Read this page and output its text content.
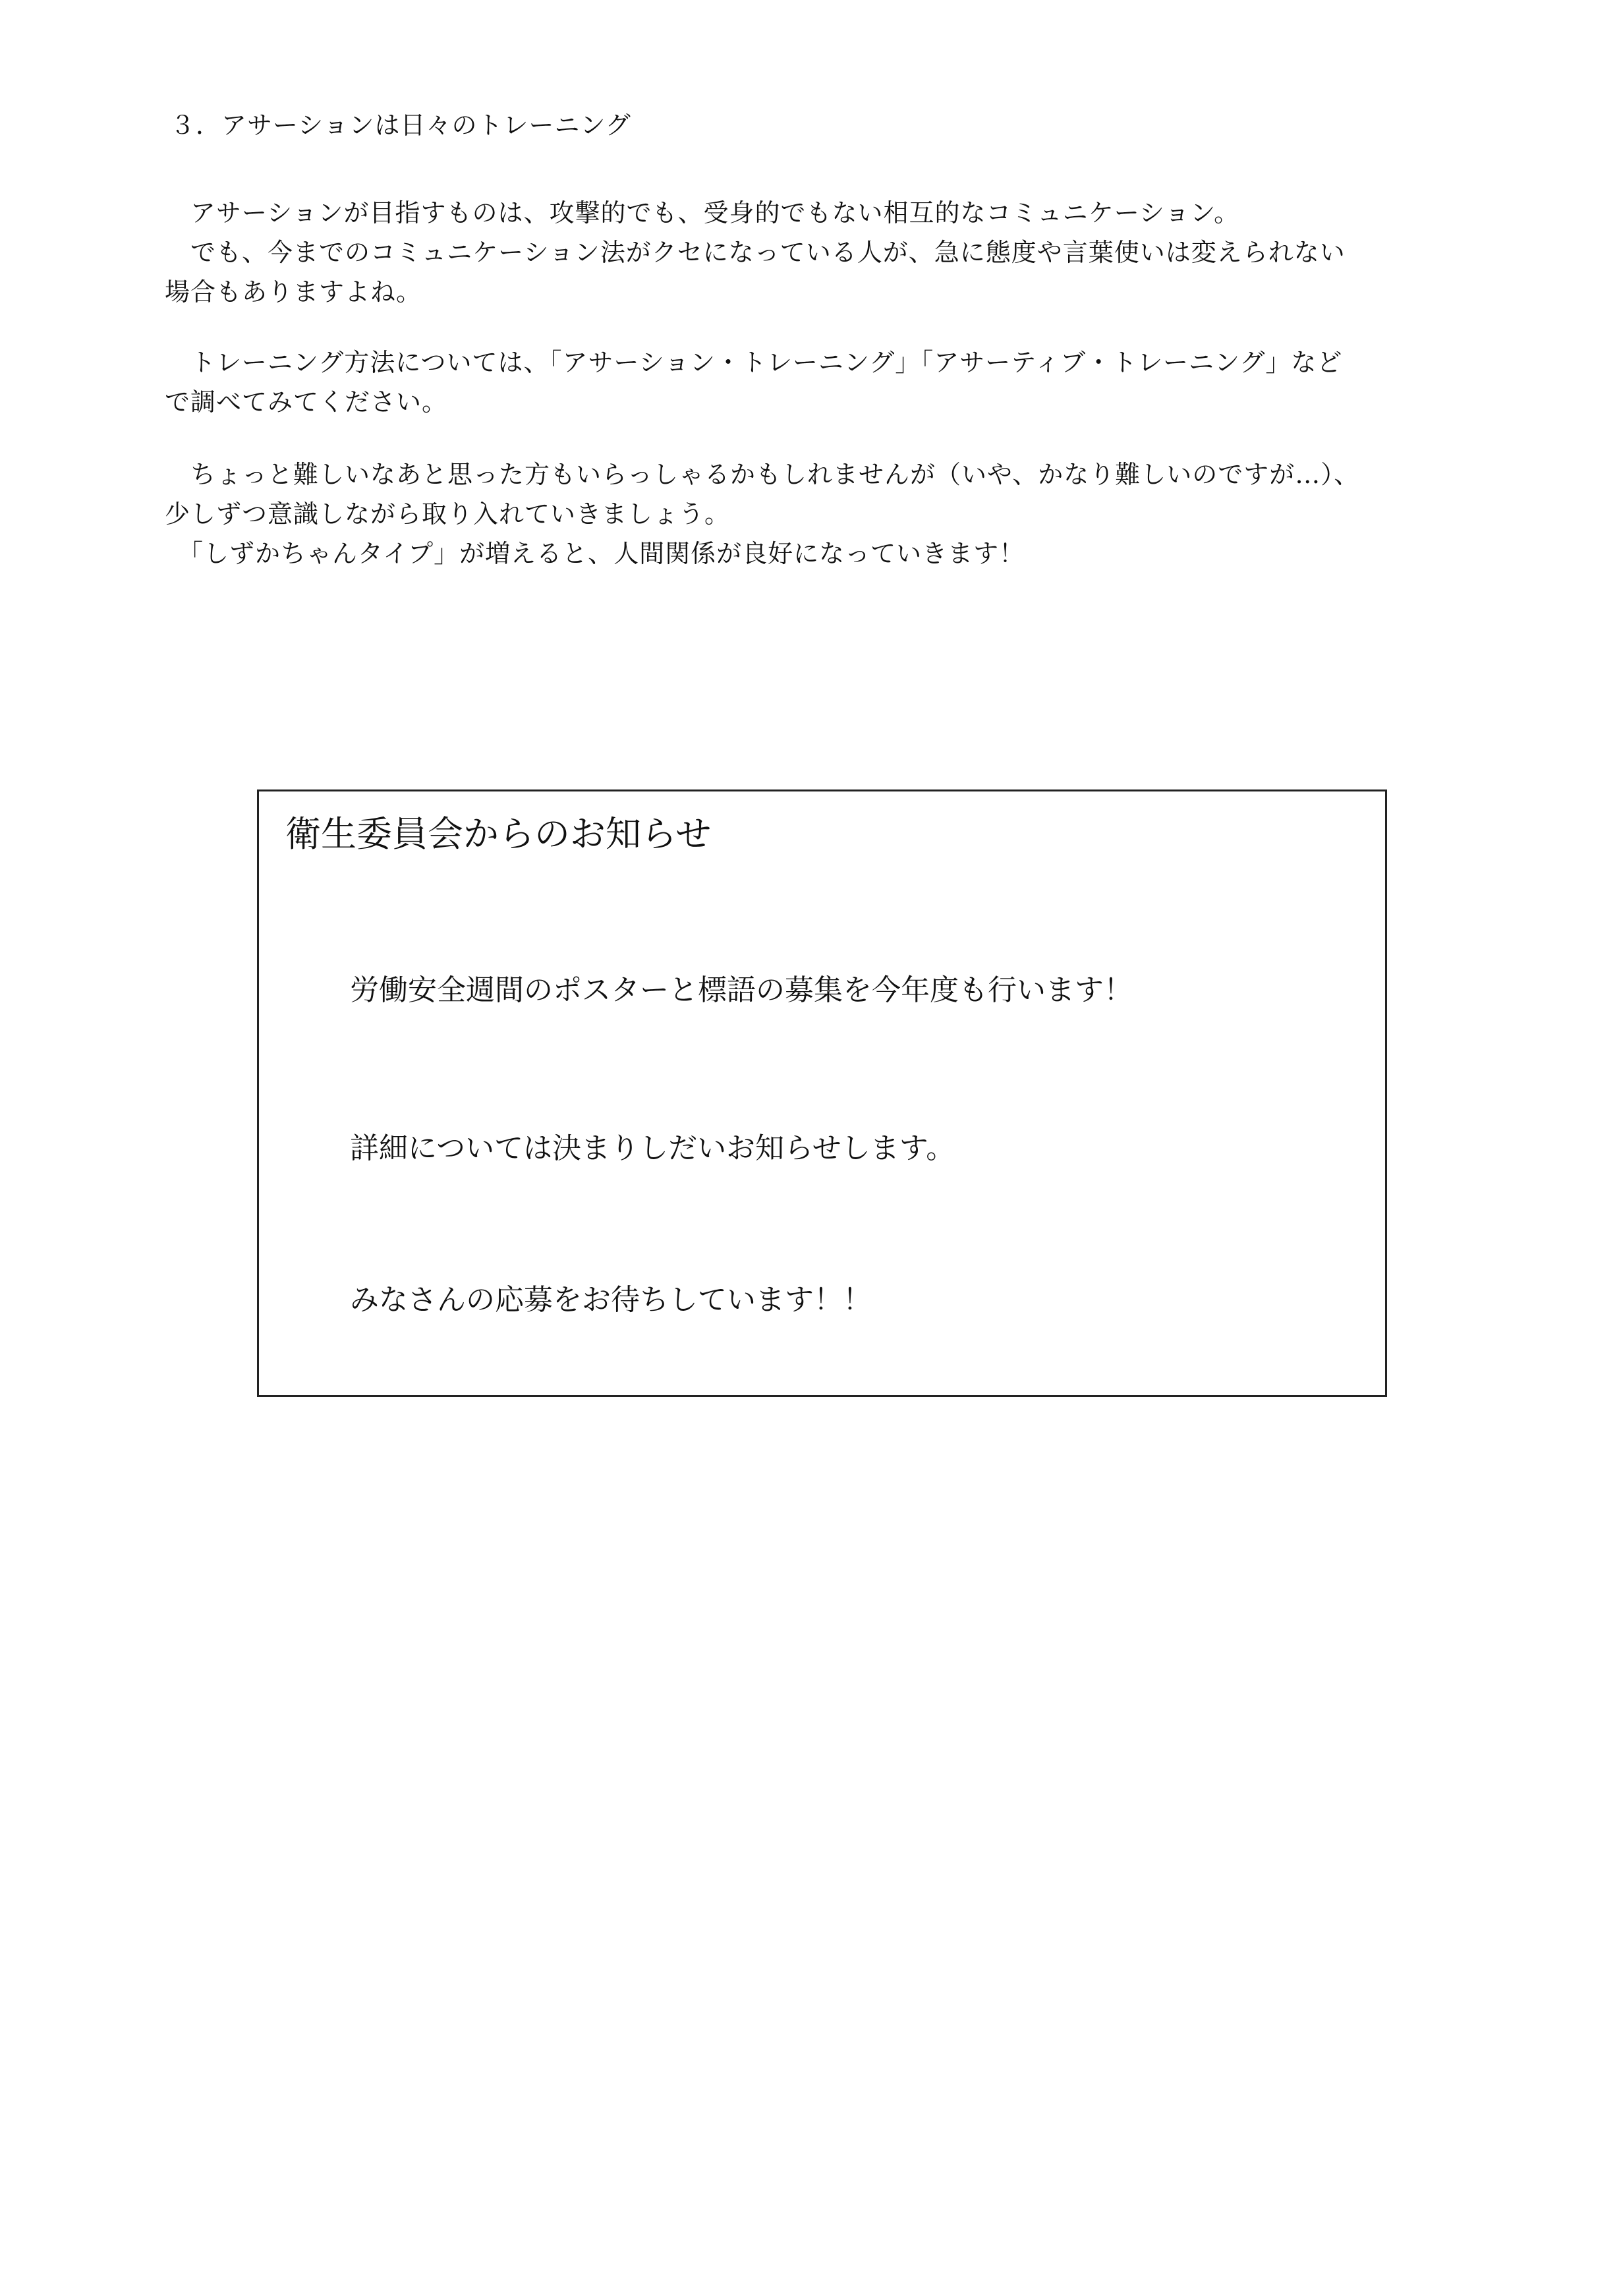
３．アサーションは日々のトレーニング
　アサーションが目指すものは、攻撃的でも、受身的でもない相互的なコミュニケーション。
　でも、今までのコミュニケーション法がクセになっている人が、急に態度や言葉使いは変えられない
場合もありますよね。
　トレーニング方法については、「アサーション・トレーニング」「アサーティブ・トレーニング」など
で調べてみてください。
　ちょっと難しいなあと思った方もいらっしゃるかもしれませんが（いや、かなり難しいのですが…）、
少しずつ意識しながら取り入れていきましょう。
　「しずかちゃんタイプ」が増えると、人間関係が良好になっていきます！
衛生委員会からのお知らせ
労働安全週間のポスターと標語の募集を今年度も行います！
詳細については決まりしだいお知らせします。
みなさんの応募をお待ちしています！！
